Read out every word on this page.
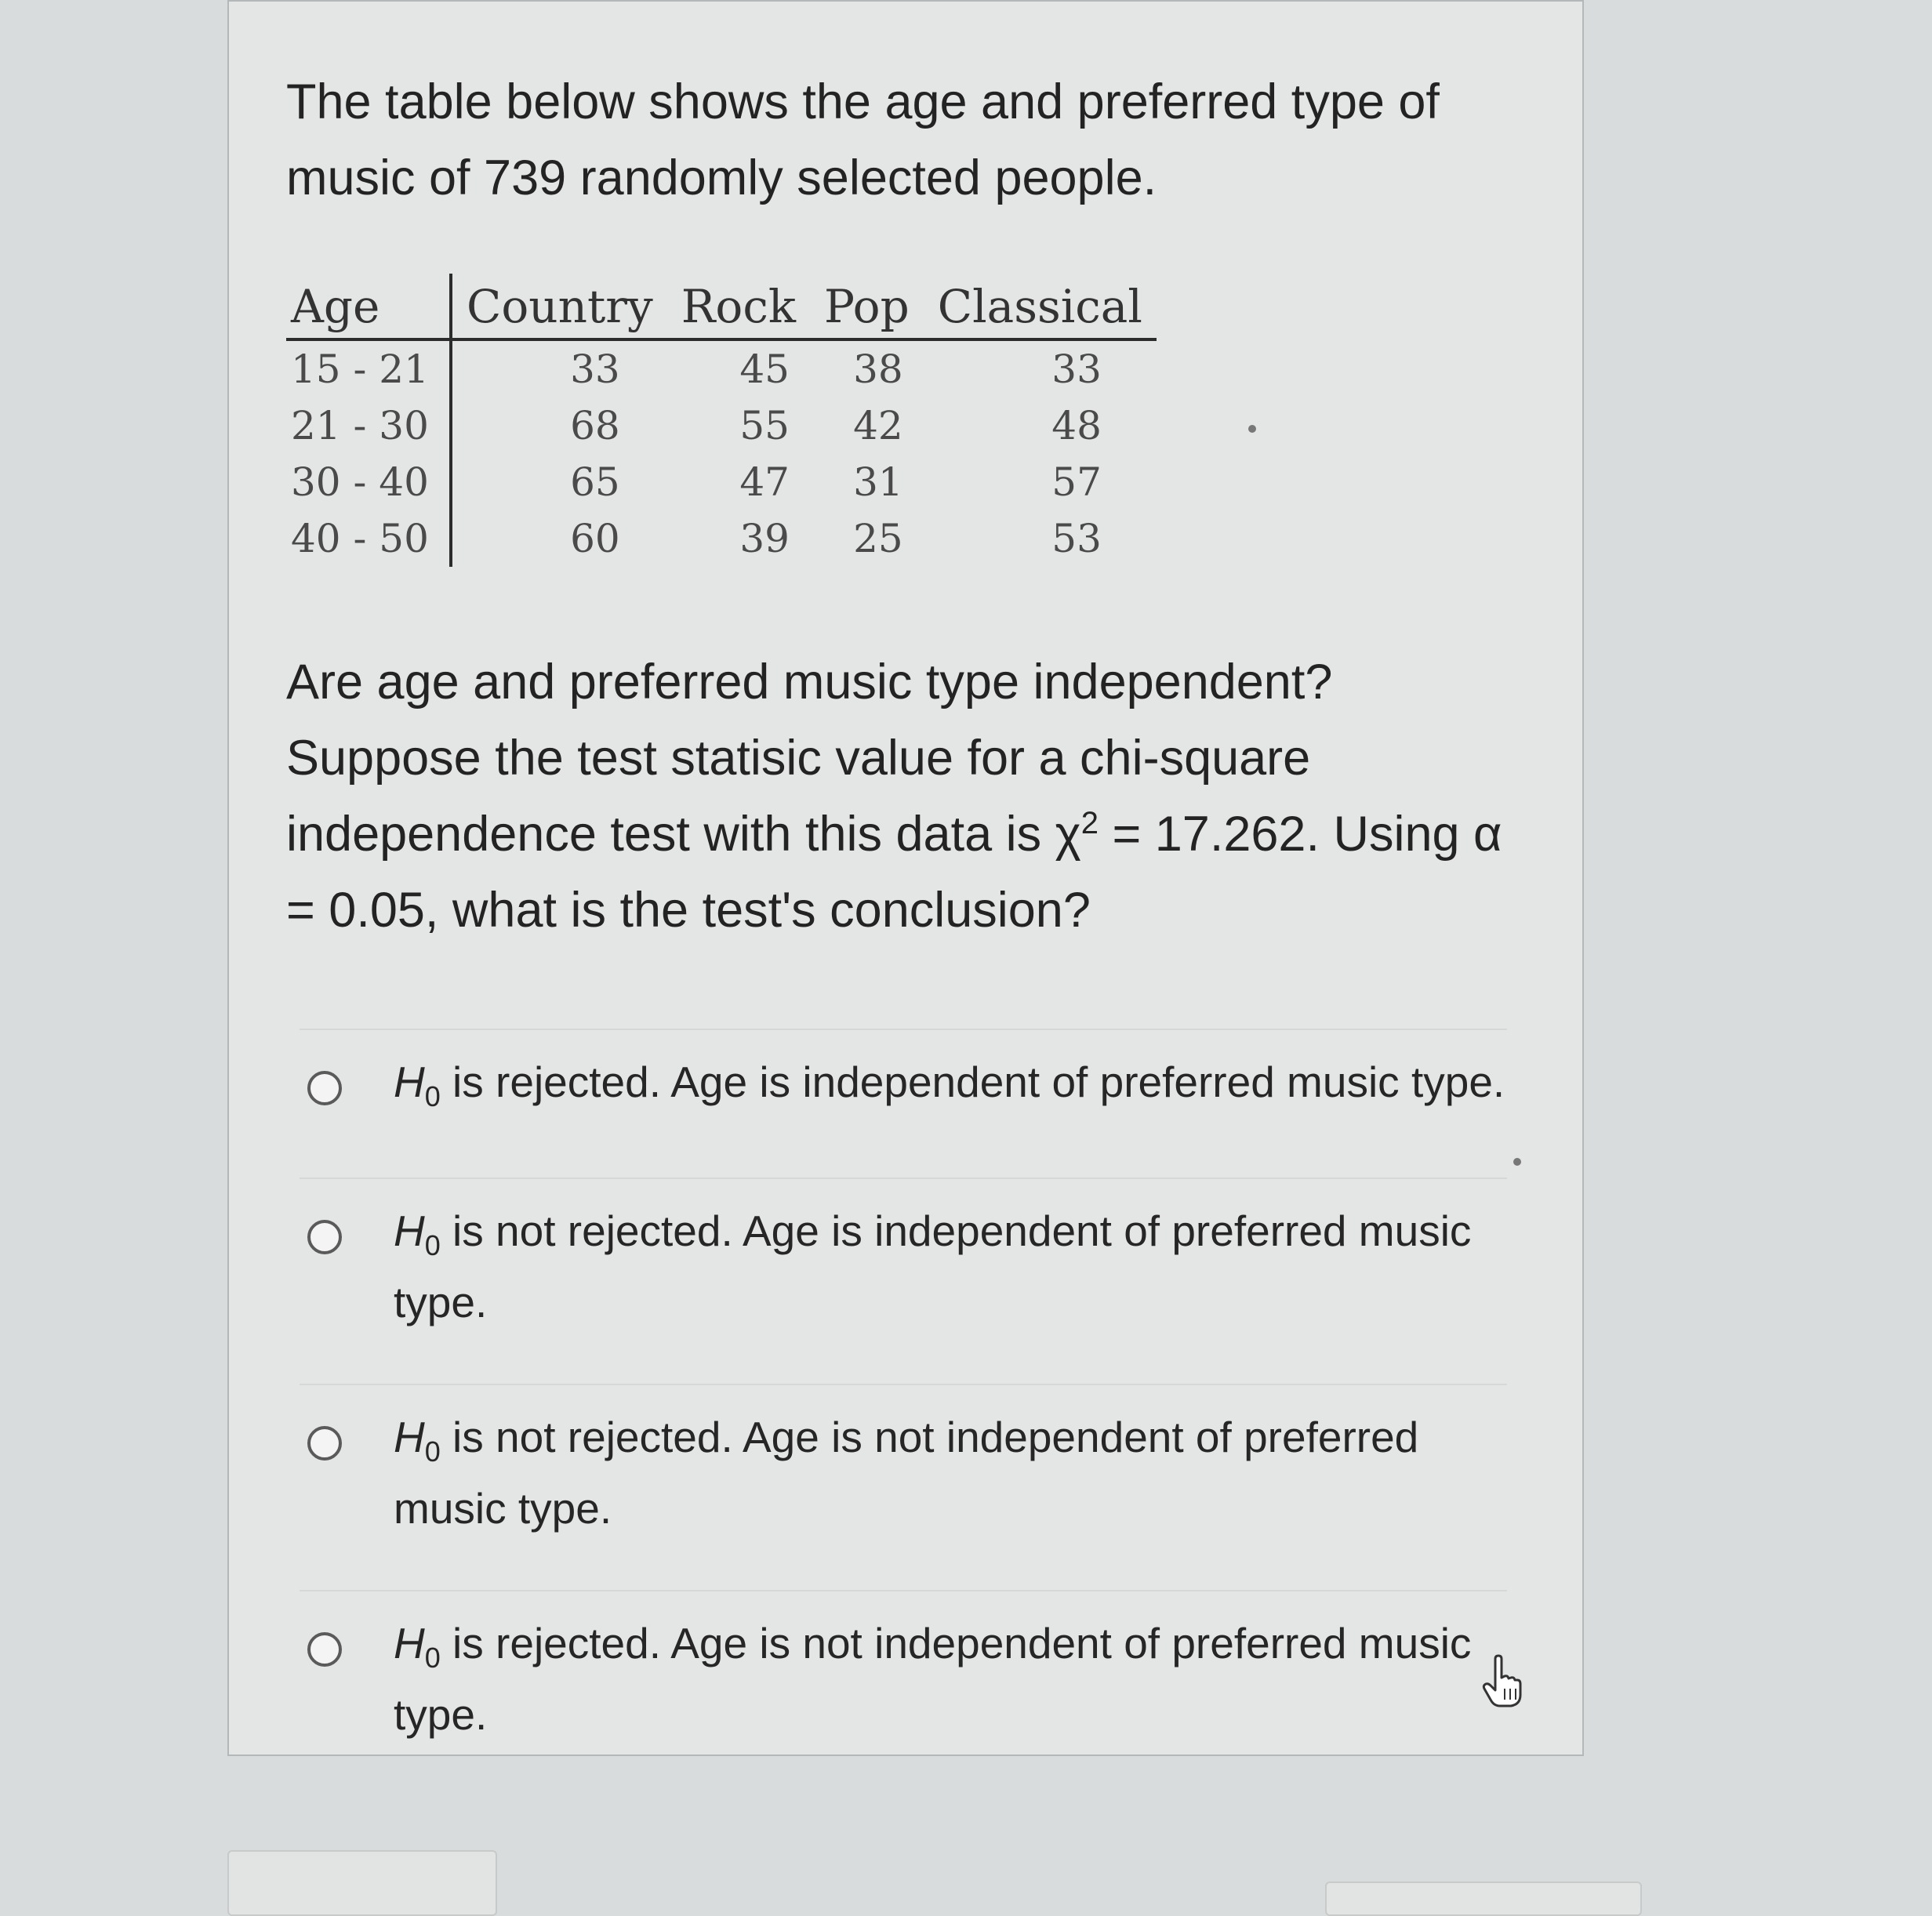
The table below shows the age and preferred type of music of 739 randomly selected people.

Age	Country	Rock	Pop	Classical
15 - 21	33	45	38	33
21 - 30	68	55	42	48
30 - 40	65	47	31	57
40 - 50	60	39	25	53

Are age and preferred music type independent? Suppose the test statisic value for a chi-square independence test with this data is $\chi^2 = 17.262$. Using α = 0.05, what is the test's conclusion?

$H_0$ is rejected. Age is independent of preferred music type.
$H_0$ is not rejected. Age is independent of preferred music type.
$H_0$ is not rejected. Age is not independent of preferred music type.
$H_0$ is rejected. Age is not independent of preferred music type.
